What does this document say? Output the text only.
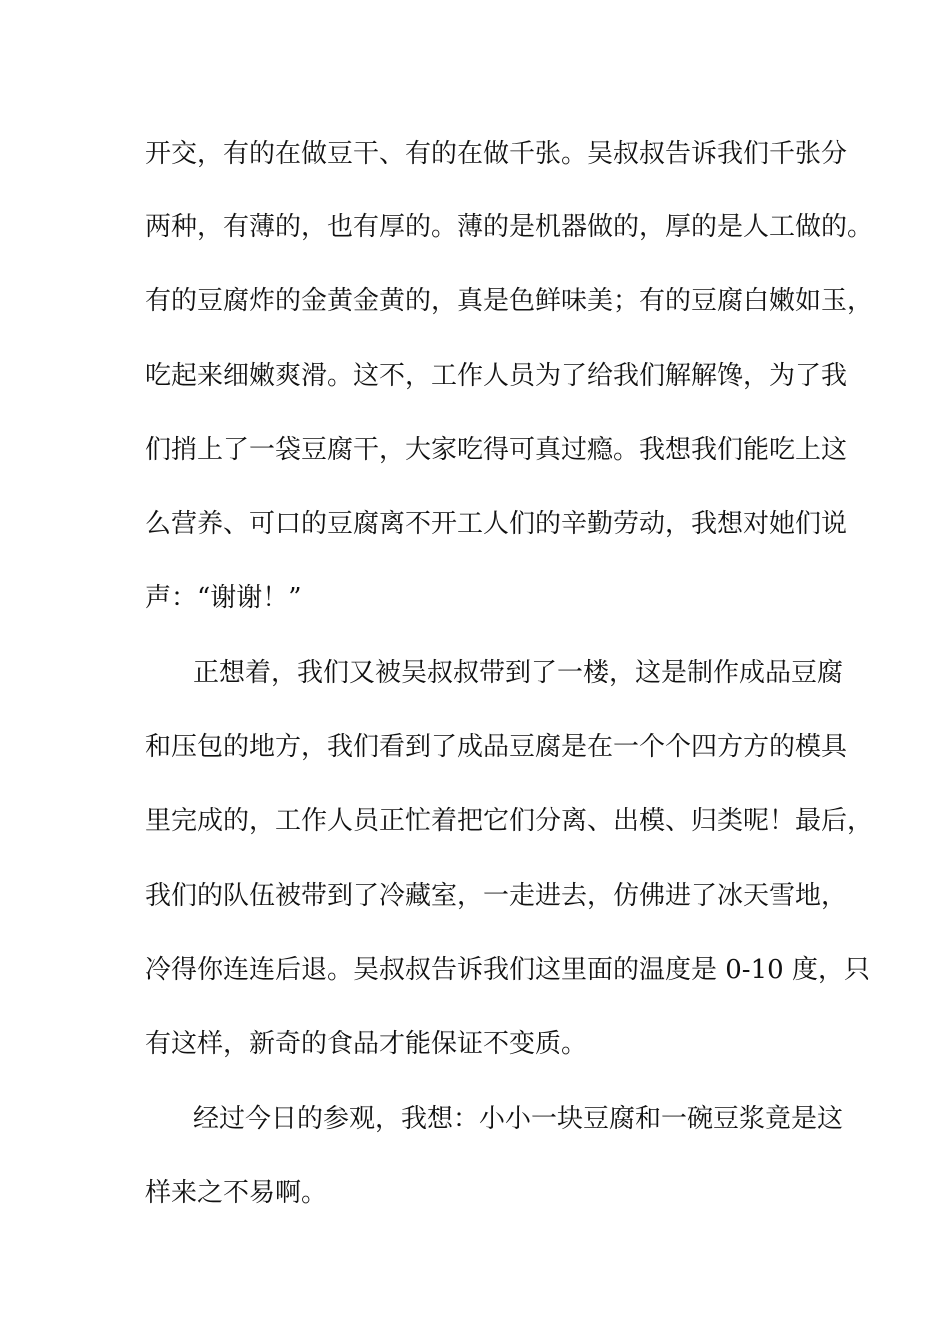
开交，有的在做豆干、有的在做千张。吴叔叔告诉我们千张分
两种，有薄的，也有厚的。薄的是机器做的，厚的是人工做的。
有的豆腐炸的金黄金黄的，真是色鲜味美；有的豆腐白嫩如玉，
吃起来细嫩爽滑。这不，工作人员为了给我们解解馋，为了我
们捎上了一袋豆腐干，大家吃得可真过瘾。我想我们能吃上这
么营养、可口的豆腐离不开工人们的辛勤劳动，我想对她们说
声：“谢谢！”
正想着，我们又被吴叔叔带到了一楼，这是制作成品豆腐
和压包的地方，我们看到了成品豆腐是在一个个四方方的模具
里完成的，工作人员正忙着把它们分离、出模、归类呢！最后，
我们的队伍被带到了冷藏室，一走进去，仿佛进了冰天雪地，
冷得你连连后退。吴叔叔告诉我们这里面的温度是 0-10 度，只
有这样，新奇的食品才能保证不变质。
经过今日的参观，我想：小小一块豆腐和一碗豆浆竟是这
样来之不易啊。
